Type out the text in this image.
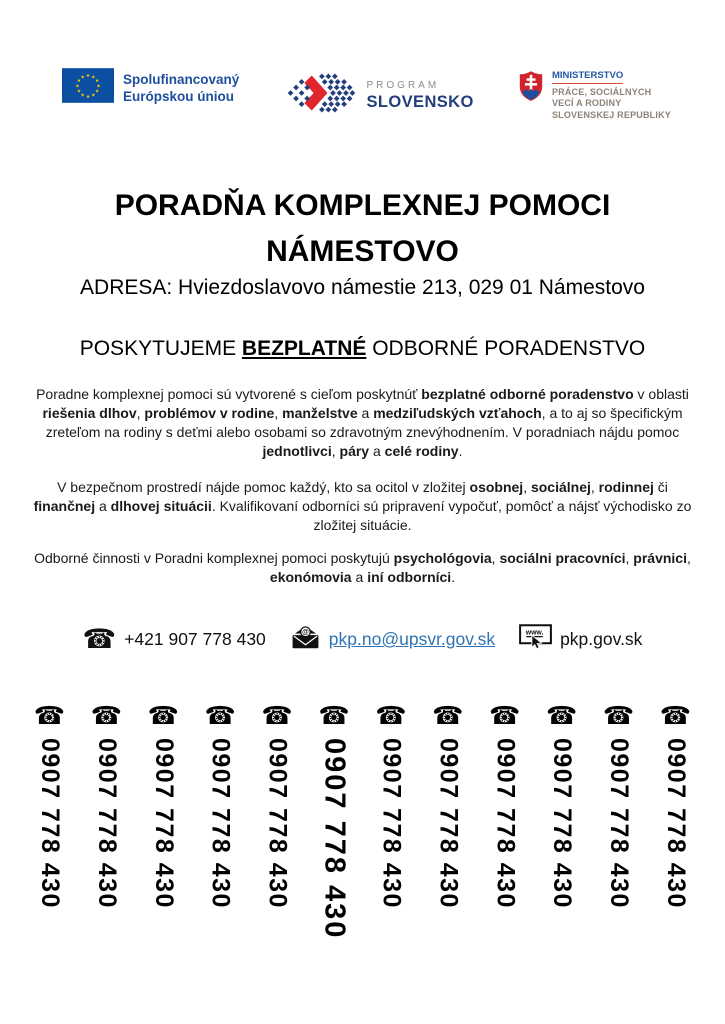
★ ★
★
★
★
★
★
★
★
★
★
★	Spolufinancovaný
Európskou úniou
PROGRAM
SLOVENSKO
MINISTERSTVO
PRÁCE, SOCIÁLNYCH
VECÍ A RODINY
SLOVENSKEJ REPUBLIKY
PORADŇA KOMPLEXNEJ POMOCI
NÁMESTOVO
ADRESA: Hviezdoslavovo námestie 213, 029 01 Námestovo
POSKYTUJEME BEZPLATNÉ ODBORNÉ PORADENSTVO
Poradne komplexnej pomoci sú vytvorené s cieľom poskytnúť bezplatné odborné poradenstvo v oblasti riešenia dlhov, problémov v rodine, manželstve a medziľudských vzťahoch, a to aj so špecifickým zreteľom na rodiny s deťmi alebo osobami so zdravotným znevýhodnením. V poradniach nájdu pomoc jednotlivci, páry a celé rodiny.
V bezpečnom prostredí nájde pomoc každý, kto sa ocitol v zložitej osobnej, sociálnej, rodinnej či finančnej a dlhovej situácii. Kvalifikovaní odborníci sú pripravení vypočuť, pomôcť a nájsť východisko zo zložitej situácie.
Odborné činnosti v Poradni komplexnej pomoci poskytujú psychológovia, sociálni pracovníci, právnici, ekonómovia a iní odborníci.
☎ +421 907 778 430	@ pkp.no@upsvr.gov.sk	www. pkp.gov.sk
☎
0907 778 430
☎
0907 778 430
☎
0907 778 430
☎
0907 778 430
☎
0907 778 430
☎
0907 778 430
☎
0907 778 430
☎
0907 778 430
☎
0907 778 430
☎
0907 778 430
☎
0907 778 430
☎
0907 778 430
